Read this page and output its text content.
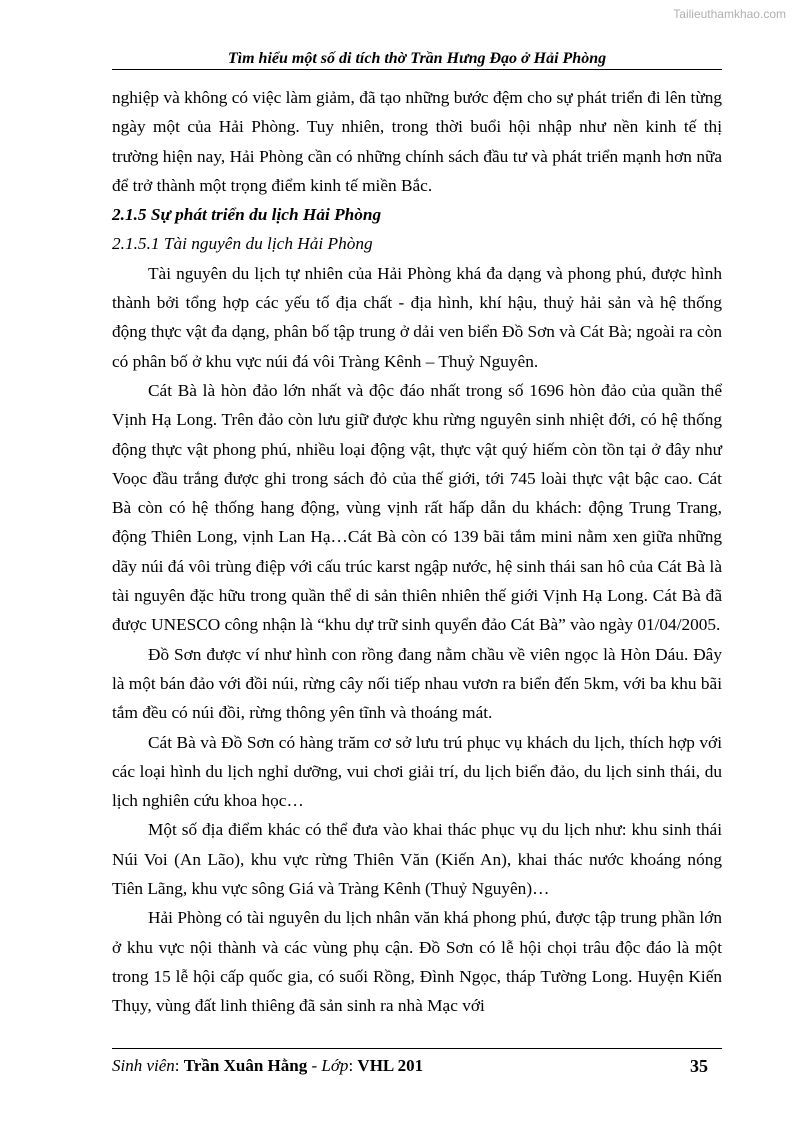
Tailieuthamkhao.com
Tìm hiểu một số di tích thờ Trần Hưng Đạo ở Hải Phòng

nghiệp và không có việc làm giảm, đã tạo những bước đệm cho sự phát triển đi lên từng ngày một của Hải Phòng. Tuy nhiên, trong thời buổi hội nhập như nền kinh tế thị trường hiện nay, Hải Phòng cần có những chính sách đầu tư và phát triển mạnh hơn nữa để trở thành một trọng điểm kinh tế miền Bắc.

2.1.5 Sự phát triển du lịch Hải Phòng

2.1.5.1 Tài nguyên du lịch Hải Phòng

Tài nguyên du lịch tự nhiên của Hải Phòng khá đa dạng và phong phú, được hình thành bởi tổng hợp các yếu tố địa chất - địa hình, khí hậu, thuỷ hải sản và hệ thống động thực vật đa dạng, phân bố tập trung ở dải ven biển Đồ Sơn và Cát Bà; ngoài ra còn có phân bố ở khu vực núi đá vôi Tràng Kênh – Thuỷ Nguyên.

Cát Bà là hòn đảo lớn nhất và độc đáo nhất trong số 1696 hòn đảo của quần thể Vịnh Hạ Long. Trên đảo còn lưu giữ được khu rừng nguyên sinh nhiệt đới, có hệ thống động thực vật phong phú, nhiều loại động vật, thực vật quý hiếm còn tồn tại ở đây như Voọc đầu trắng được ghi trong sách đỏ của thế giới, tới 745 loài thực vật bậc cao. Cát Bà còn có hệ thống hang động, vùng vịnh rất hấp dẫn du khách: động Trung Trang, động Thiên Long, vịnh Lan Hạ…Cát Bà còn có 139 bãi tắm mini nằm xen giữa những dãy núi đá vôi trùng điệp với cấu trúc karst ngập nước, hệ sinh thái san hô của Cát Bà là tài nguyên đặc hữu trong quần thể di sản thiên nhiên thế giới Vịnh Hạ Long. Cát Bà đã được UNESCO công nhận là “khu dự trữ sinh quyển đảo Cát Bà” vào ngày 01/04/2005.

Đồ Sơn được ví như hình con rồng đang nằm chầu về viên ngọc là Hòn Dáu. Đây là một bán đảo với đồi núi, rừng cây nối tiếp nhau vươn ra biển đến 5km, với ba khu bãi tắm đều có núi đồi, rừng thông yên tĩnh và thoáng mát.

Cát Bà và Đồ Sơn có hàng trăm cơ sở lưu trú phục vụ khách du lịch, thích hợp với các loại hình du lịch nghỉ dưỡng, vui chơi giải trí, du lịch biển đảo, du lịch sinh thái, du lịch nghiên cứu khoa học…

Một số địa điểm khác có thể đưa vào khai thác phục vụ du lịch như: khu sinh thái Núi Voi (An Lão), khu vực rừng Thiên Văn (Kiến An), khai thác nước khoáng nóng Tiên Lãng, khu vực sông Giá và Tràng Kênh (Thuỷ Nguyên)…

Hải Phòng có tài nguyên du lịch nhân văn khá phong phú, được tập trung phần lớn ở khu vực nội thành và các vùng phụ cận. Đồ Sơn có lễ hội chọi trâu độc đáo là một trong 15 lễ hội cấp quốc gia, có suối Rồng, Đình Ngọc, tháp Tường Long. Huyện Kiến Thụy, vùng đất linh thiêng đã sản sinh ra nhà Mạc với

Sinh viên: Trần Xuân Hằng - Lớp: VHL 201	35
